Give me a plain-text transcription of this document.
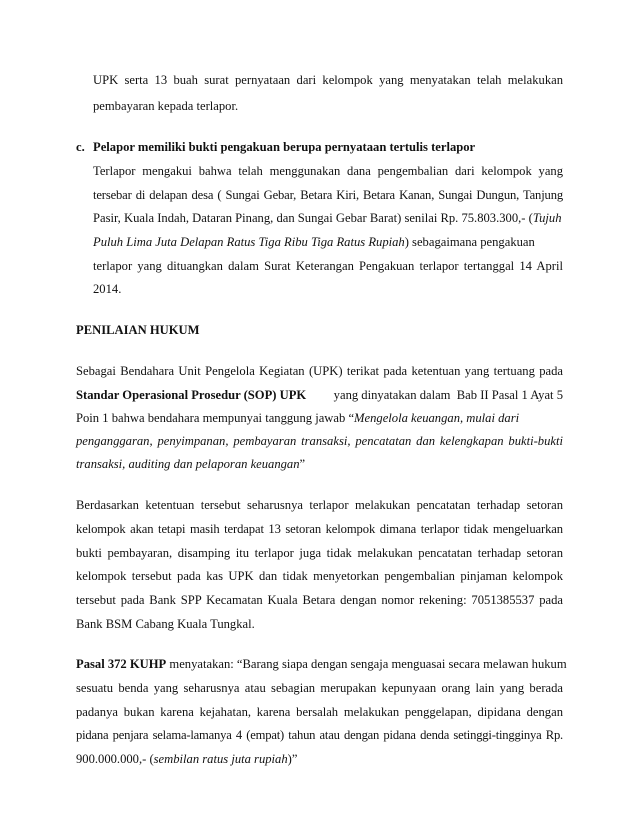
UPK serta 13 buah surat pernyataan dari kelompok yang menyatakan telah melakukan
pembayaran kepada terlapor.
c. Pelapor memiliki bukti pengakuan berupa pernyataan tertulis terlapor
Terlapor mengakui bahwa telah menggunakan dana pengembalian dari kelompok yang
tersebar di delapan desa ( Sungai Gebar, Betara Kiri, Betara Kanan, Sungai Dungun, Tanjung
Pasir, Kuala Indah, Dataran Pinang, dan Sungai Gebar Barat) senilai Rp. 75.803.300,- (Tujuh
Puluh Lima Juta Delapan Ratus Tiga Ribu Tiga Ratus Rupiah) sebagaimana pengakuan
terlapor yang dituangkan dalam Surat Keterangan Pengakuan terlapor tertanggal 14 April
2014.
PENILAIAN HUKUM
Sebagai Bendahara Unit Pengelola Kegiatan (UPK) terikat pada ketentuan yang tertuang pada
Standar Operasional Prosedur (SOP) UPK yang dinyatakan dalam  Bab II Pasal 1 Ayat 5
Poin 1 bahwa bendahara mempunyai tanggung jawab “Mengelola keuangan, mulai dari
penganggaran, penyimpanan, pembayaran transaksi, pencatatan dan kelengkapan bukti-bukti
transaksi, auditing dan pelaporan keuangan”
Berdasarkan ketentuan tersebut seharusnya terlapor melakukan pencatatan terhadap setoran
kelompok akan tetapi masih terdapat 13 setoran kelompok dimana terlapor tidak mengeluarkan
bukti pembayaran, disamping itu terlapor juga tidak melakukan pencatatan terhadap setoran
kelompok tersebut pada kas UPK dan tidak menyetorkan pengembalian pinjaman kelompok
tersebut pada Bank SPP Kecamatan Kuala Betara dengan nomor rekening: 7051385537 pada
Bank BSM Cabang Kuala Tungkal.
Pasal 372 KUHP menyatakan: “Barang siapa dengan sengaja menguasai secara melawan hukum
sesuatu benda yang seharusnya atau sebagian merupakan kepunyaan orang lain yang berada
padanya bukan karena kejahatan, karena bersalah melakukan penggelapan, dipidana dengan
pidana penjara selama-lamanya 4 (empat) tahun atau dengan pidana denda setinggi-tingginya Rp.
900.000.000,- (sembilan ratus juta rupiah)”
